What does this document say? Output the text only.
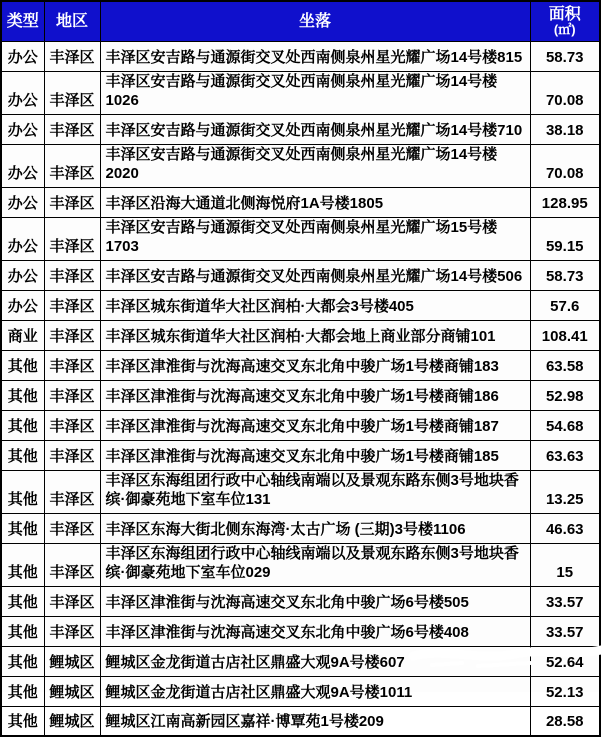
类型	地区	坐落	面积
(㎡)

办公	丰泽区	丰泽区安吉路与通源街交叉处西南侧泉州星光耀广场14号楼815	58.73
办公	丰泽区	丰泽区安吉路与通源街交叉处西南侧泉州星光耀广场14号楼1026	70.08
办公	丰泽区	丰泽区安吉路与通源街交叉处西南侧泉州星光耀广场14号楼710	38.18
办公	丰泽区	丰泽区安吉路与通源街交叉处西南侧泉州星光耀广场14号楼2020	70.08
办公	丰泽区	丰泽区沿海大通道北侧海悦府1A号楼1805	128.95
办公	丰泽区	丰泽区安吉路与通源街交叉处西南侧泉州星光耀广场15号楼1703	59.15
办公	丰泽区	丰泽区安吉路与通源街交叉处西南侧泉州星光耀广场14号楼506	58.73
办公	丰泽区	丰泽区城东街道华大社区润柏·大都会3号楼405	57.6
商业	丰泽区	丰泽区城东街道华大社区润柏·大都会地上商业部分商铺101	108.41
其他	丰泽区	丰泽区津淮街与沈海高速交叉东北角中骏广场1号楼商铺183	63.58
其他	丰泽区	丰泽区津淮街与沈海高速交叉东北角中骏广场1号楼商铺186	52.98
其他	丰泽区	丰泽区津淮街与沈海高速交叉东北角中骏广场1号楼商铺187	54.68
其他	丰泽区	丰泽区津淮街与沈海高速交叉东北角中骏广场1号楼商铺185	63.63
其他	丰泽区	丰泽区东海组团行政中心轴线南端以及景观东路东侧3号地块香缤·御豪苑地下室车位131	13.25
其他	丰泽区	丰泽区东海大街北侧东海湾·太古广场 (三期)3号楼1106	46.63
其他	丰泽区	丰泽区东海组团行政中心轴线南端以及景观东路东侧3号地块香缤·御豪苑地下室车位029	15
其他	丰泽区	丰泽区津淮街与沈海高速交叉东北角中骏广场6号楼505	33.57
其他	丰泽区	丰泽区津淮街与沈海高速交叉东北角中骏广场6号楼408	33.57
其他	鲤城区	鲤城区金龙街道古店社区鼎盛大观9A号楼607	52.64
其他	鲤城区	鲤城区金龙街道古店社区鼎盛大观9A号楼1011	52.13
其他	鲤城区	鲤城区江南高新园区嘉祥·博覃苑1号楼209	28.58
